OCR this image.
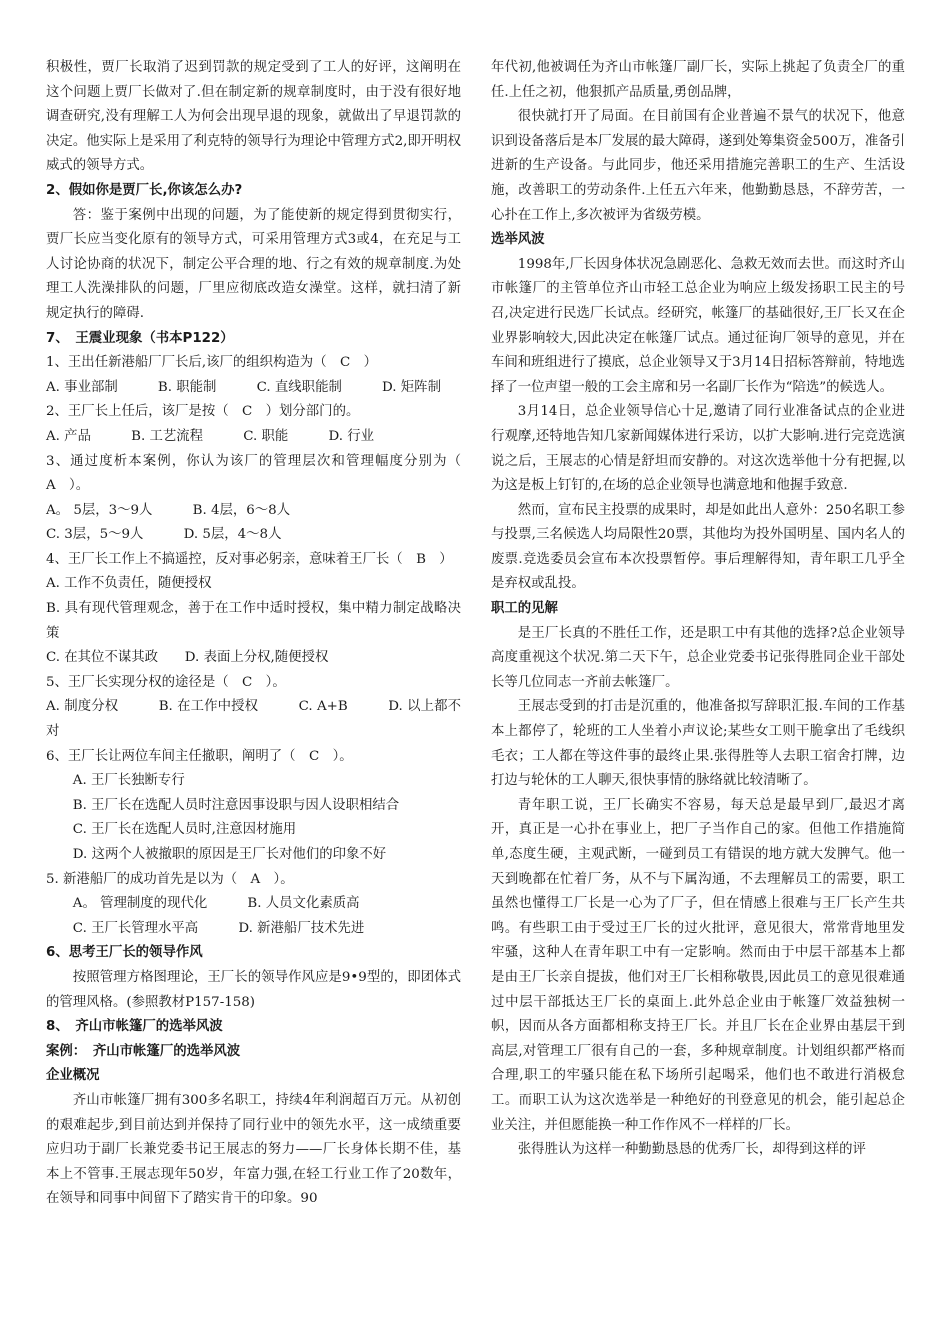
积极性，贾厂长取消了迟到罚款的规定受到了工人的好评，这阐明在这个问题上贾厂长做对了.但在制定新的规章制度时，由于没有很好地调查研究,没有理解工人为何会出现早退的现象，就做出了早退罚款的决定。他实际上是采用了利克特的领导行为理论中管理方式2,即开明权威式的领导方式。

2、假如你是贾厂长,你该怎么办?

答：鉴于案例中出现的问题，为了能使新的规定得到贯彻实行，贾厂长应当变化原有的领导方式，可采用管理方式3或4，在充足与工人讨论协商的状况下，制定公平合理的地、行之有效的规章制度.为处理工人洗澡排队的问题，厂里应彻底改造女澡堂。这样，就扫清了新规定执行的障碍.

7、　王震业现象（书本P122）

1、王出任新港船厂厂长后,该厂的组织构造为（　C　）

A. 事业部制　　　B. 职能制　　　C. 直线职能制　　　D. 矩阵制

2、王厂长上任后，该厂是按（　C　）划分部门的。

A. 产品　　　B. 工艺流程　　　C. 职能　　　D. 行业

3、通过度析本案例，你认为该厂的管理层次和管理幅度分别为（　A　）。

A。 5层，3～9人　　　B. 4层，6～8人

C. 3层，5～9人　　　D. 5层，4～8人

4、王厂长工作上不搞遥控，反对事必躬亲，意味着王厂长（　B　）

A. 工作不负责任，随便授权

B. 具有现代管理观念，善于在工作中适时授权，集中精力制定战略决策

C. 在其位不谋其政　　D. 表面上分权,随便授权

5、王厂长实现分权的途径是（　C　）。

A. 制度分权　　　B. 在工作中授权　　　C. A+B　　　D. 以上都不对

6、王厂长让两位车间主任撤职，阐明了（　C　）。

A. 王厂长独断专行

B. 王厂长在选配人员时注意因事设职与因人设职相结合

C. 王厂长在选配人员时,注意因材施用

D. 这两个人被撤职的原因是王厂长对他们的印象不好

5. 新港船厂的成功首先是以为（　A　）。

A。 管理制度的现代化　　　B. 人员文化素质高

C. 王厂长管理水平高　　　D. 新港船厂技术先进

6、思考王厂长的领导作风

按照管理方格图理论，王厂长的领导作风应是9•9型的，即团体式的管理风格。(参照教材P157-158)

8、　齐山市帐篷厂的选举风波

案例：　齐山市帐篷厂的选举风波

企业概况

齐山市帐篷厂拥有300多名职工，持续4年利润超百万元。从初创的艰难起步,到目前达到并保持了同行业中的领先水平，这一成绩重要应归功于副厂长兼党委书记王展志的努力——厂长身体长期不佳，基本上不管事.王展志现年50岁，年富力强,在轻工行业工作了20数年，在领导和同事中间留下了踏实肯干的印象。90

年代初,他被调任为齐山市帐篷厂副厂长，实际上挑起了负责全厂的重任.上任之初，他狠抓产品质量,勇创品牌，

很快就打开了局面。在目前国有企业普遍不景气的状况下，他意识到设备落后是本厂发展的最大障碍，遂到处筹集资金500万，准备引进新的生产设备。与此同步，他还采用措施完善职工的生产、生活设施，改善职工的劳动条件.上任五六年来，他勤勤恳恳，不辞劳苦，一心扑在工作上,多次被评为省级劳模。

选举风波

1998年,厂长因身体状况急剧恶化、急救无效而去世。而这时齐山市帐篷厂的主管单位齐山市轻工总企业为响应上级发扬职工民主的号召,决定进行民选厂长试点。经研究，帐篷厂的基础很好,王厂长又在企业界影响较大,因此决定在帐篷厂试点。通过征询厂领导的意见，并在车间和班组进行了摸底，总企业领导又于3月14日招标答辩前，特地选择了一位声望一般的工会主席和另一名副厂长作为“陪选”的候选人。

3月14日，总企业领导信心十足,邀请了同行业准备试点的企业进行观摩,还特地告知几家新闻媒体进行采访，以扩大影响.进行完竞选演说之后，王展志的心情是舒坦而安静的。对这次选举他十分有把握,以为这是板上钉钉的,在场的总企业领导也满意地和他握手致意.

然而，宣布民主投票的成果时，却是如此出人意外：250名职工参与投票,三名候选人均局限性20票，其他均为投外国明星、国内名人的废票.竞选委员会宣布本次投票暂停。事后理解得知，青年职工几乎全是弃权或乱投。

职工的见解

是王厂长真的不胜任工作，还是职工中有其他的选择?总企业领导高度重视这个状况.第二天下午，总企业党委书记张得胜同企业干部处长等几位同志一齐前去帐篷厂。

王展志受到的打击是沉重的，他准备拟写辞职汇报.车间的工作基本上都停了，轮班的工人坐着小声议论;某些女工则干脆拿出了毛线织毛衣；工人都在等这件事的最终止果.张得胜等人去职工宿舍打牌，边打边与轮休的工人聊天,很快事情的脉络就比较清晰了。

青年职工说，王厂长确实不容易，每天总是最早到厂,最迟才离开，真正是一心扑在事业上，把厂子当作自己的家。但他工作措施简单,态度生硬，主观武断，一碰到员工有错误的地方就大发脾气。他一天到晚都在忙着厂务，从不与下属沟通，不去理解员工的需要，职工虽然也懂得工厂长是一心为了厂子，但在情感上很难与王厂长产生共鸣。有些职工由于受过王厂长的过火批评，意见很大，常常背地里发牢骚，这种人在青年职工中有一定影响。然而由于中层干部基本上都是由王厂长亲自提拔，他们对王厂长相称敬畏,因此员工的意见很难通过中层干部抵达王厂长的桌面上.此外总企业由于帐篷厂效益独树一帜，因而从各方面都相称支持王厂长。并且厂长在企业界由基层干到高层,对管理工厂很有自己的一套，多种规章制度。计划组织都严格而合理,职工的牢骚只能在私下场所引起喝采，他们也不敢进行消极怠工。而职工认为这次选举是一种绝好的刊登意见的机会，能引起总企业关注，并但愿能换一种工作作风不一样样的厂长。

张得胜认为这样一种勤勤恳恳的优秀厂长，却得到这样的评
